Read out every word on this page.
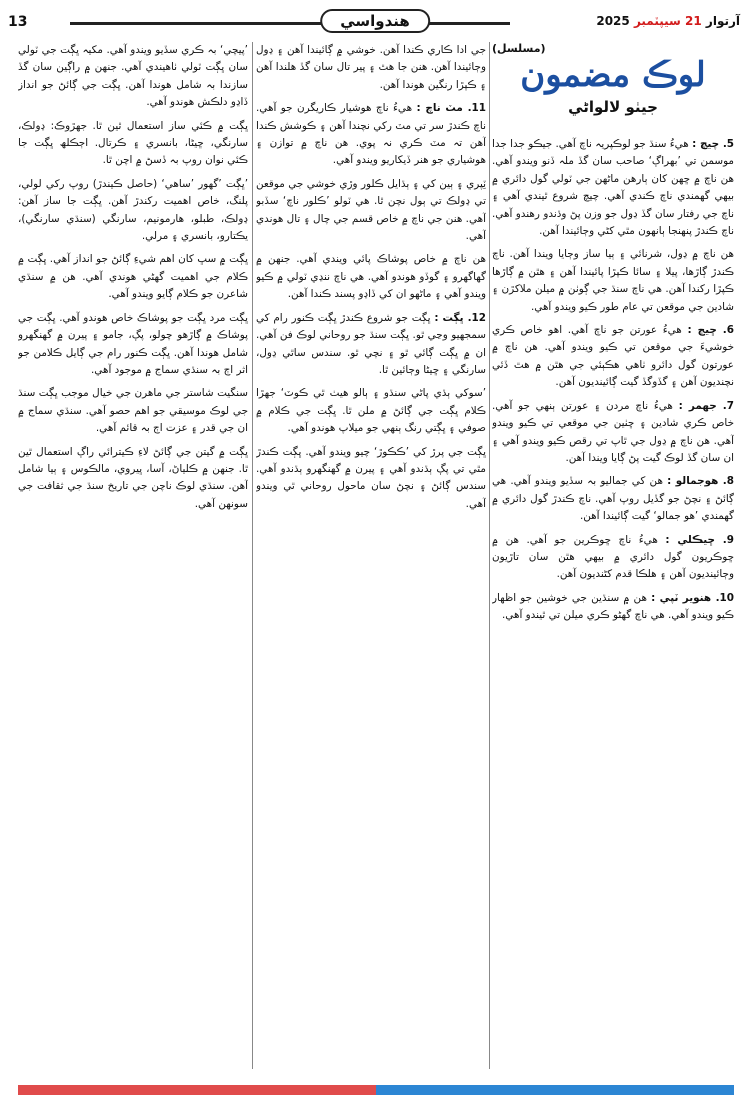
13	هندواسي	آرتوار 21 سيپٽمبر 2025
(مسلسل)
لوڪ مضمون
جيٺو لالواڻي

5. چيچ : ھيءُ سنڌ جو لوڪپريہ ناچ آھي. جيڪو جدا جدا موسمن تي ’بھراڳ‘ صاحب سان گڏ ملہ ڏنو ويندو آھي. ھن ناچ ۾ ڇھن کان ٻارھن ماڻھن جي ٽولي گول دائري ۾ بيھي گھمندي ناچ ڪندي آھي. چيچ شروع ٿيندي آھي ۽ ناچ جي رفتار سان گڏ ڍول جو وزن پڻ وڌندو رھندو آھي. ناچ ڪندڙ پنھنجا ٻانھون مٿي کڻي وڄائيندا آھن.

ھن ناچ ۾ ڍول، شرنائي ۽ ٻيا ساز وڄايا ويندا آھن. ناچ ڪندڙ ڳاڙھا، پيلا ۽ سائا ڪپڙا پائيندا آھن ۽ ھٿن ۾ ڳاڙھا ڪپڙا رکندا آھن. ھي ناچ سنڌ جي ڳوٺن ۾ ميلن ملاکڙن ۽ شادين جي موقعن تي عام طور ڪيو ويندو آھي.

6. ڇيڄ : ھيءُ عورتن جو ناچ آھي. اھو خاص ڪري خوشيءَ جي موقعن تي ڪيو ويندو آھي. ھن ناچ ۾ عورتون گول دائرو ٺاھي ھڪٻئي جي ھٿن ۾ ھٿ ڏئي نچنديون آھن ۽ گڏوگڏ گيت ڳائينديون آھن.

7. جھمر : ھيءُ ناچ مردن ۽ عورتن ٻنھي جو آھي. خاص ڪري شادين ۽ ڇٺين جي موقعي تي ڪيو ويندو آھي. ھن ناچ ۾ ڍول جي ٿاپ تي رقص ڪيو ويندو آھي ۽ ان سان گڏ لوڪ گيت پڻ ڳايا ويندا آھن.

8. ھوجمالو : ھن کي جماليو بہ سڏيو ويندو آھي. ھي ڳائڻ ۽ نچڻ جو گڏيل روپ آھي. ناچ ڪندڙ گول دائري ۾ گھمندي ’ھو جمالو‘ گيت ڳائيندا آھن.

9. ڇيڪلي : ھيءُ ناچ ڇوڪرين جو آھي. ھن ۾ ڇوڪريون گول دائري ۾ بيھي ھٿن سان تاڙيون وڄائينديون آھن ۽ ھلڪا قدم کڻنديون آھن.

10. ھنوير ٽپي : ھن ۾ سنڌين جي خوشين جو اظھار ڪيو ويندو آھي. ھي ناچ گھڻو ڪري ميلن تي ٿيندو آھي.

جي ادا ڪاري ڪندا آھن. خوشي ۾ ڳائيندا آھن ۽ ڍول وڄائيندا آھن. ھنن جا ھٿ ۽ پير تال سان گڏ ھلندا آھن ۽ ڪپڙا رنگين ھوندا آھن.

11. مٽ ناچ : ھيءُ ناچ ھوشيار ڪاريگرن جو آھي. ناچ ڪندڙ سر تي مٽ رکي نچندا آھن ۽ ڪوشش ڪندا آھن تہ مٽ ڪري نہ پوي. ھن ناچ ۾ توازن ۽ ھوشياري جو ھنر ڏيکاريو ويندو آھي.

ٽِپري ۽ ٻين کي ۽ ٻڌايل ڪلور وڙي خوشي جي موقعن تي ڍولڪ تي ٻول نچن ٿا. ھي ٽولو ’ڪلور ناچ‘ سڏبو آھي. ھنن جي ناچ ۾ خاص قسم جي چال ۽ تال ھوندي آھي.

ھن ناچ ۾ خاص پوشاڪ پائي ويندي آھي. جنھن ۾ گھاگھرو ۽ گوڏو ھوندو آھي. ھي ناچ ننڍي ٽولي ۾ ڪيو ويندو آھي ۽ ماڻھو ان کي ڏاڍو پسند ڪندا آھن.

12. ڀڳت : ڀڳت جو شروع ڪندڙ ڀڳت ڪنور رام کي سمجھيو وڃي ٿو. ڀڳت سنڌ جو روحاني لوڪ فن آھي. ان ۾ ڀڳت ڳائي ٿو ۽ نچي ٿو. سندس ساٿي ڍول، سارنگي ۽ ڇيڻا وڄائين ٿا.

’سوکي ٻڌي پاڻي سنڌو ۽ ٻالو ھيٺ ٿي ڪوٽ‘ جھڙا ڪلام ڀڳت جي ڳائڻ ۾ ملن ٿا. ڀڳت جي ڪلام ۾ صوفي ۽ ڀڳتي رنگ ٻنھي جو ميلاپ ھوندو آھي.

ڀڳت جي پرڙ کي ’ڪڪوڙ‘ چيو ويندو آھي. ڀڳت ڪندڙ مٿي تي پڳ ٻڌندو آھي ۽ پيرن ۾ گھنگھرو ٻڌندو آھي. سندس ڳائڻ ۽ نچڻ سان ماحول روحاني ٿي ويندو آھي.

’پيچي‘ بہ ڪري سڏيو ويندو آھي. مکيہ ڀڳت جي ٽولي سان ڀڳت ٽولي ٺاھيندي آھي. جنھن ۾ راڳين سان گڏ سازندا بہ شامل ھوندا آھن. ڀڳت جي ڳائڻ جو انداز ڏاڍو دلڪش ھوندو آھي.

ڀڳت ۾ ڪئي ساز استعمال ٿين ٿا. جھڙوڪ: ڍولڪ، سارنگي، ڇيڻا، بانسري ۽ ڪرتال. اڄڪلھ ڀڳت جا ڪئي نوان روپ بہ ڏسڻ ۾ اچن ٿا.

’ڀڳت ’گھور ’ساھي‘ (حاصل ڪيندڙ) روپ رکي لولي، پلنگ، خاص اھميت رکندڙ آھن. ڀڳت جا ساز آھن: ڍولڪ، طبلو، ھارمونيم، سارنگي (سنڌي سارنگي)، يڪتارو، بانسري ۽ مرلي.

ڀڳت ۾ سڀ کان اھم شيءِ ڳائڻ جو انداز آھي. ڀڳت ۾ ڪلام جي اھميت گھڻي ھوندي آھي. ھن ۾ سنڌي شاعرن جو ڪلام ڳايو ويندو آھي.

ڀڳت مرد ڀڳت جو پوشاڪ خاص ھوندو آھي. ڀڳت جي پوشاڪ ۾ ڳاڙھو چولو، پڳ، جامو ۽ پيرن ۾ گھنگھرو شامل ھوندا آھن. ڀڳت ڪنور رام جي ڳايل ڪلامن جو اثر اڄ بہ سنڌي سماج ۾ موجود آھي.

سنگيت شاستر جي ماھرن جي خيال موجب ڀڳت سنڌ جي لوڪ موسيقي جو اھم حصو آھي. سنڌي سماج ۾ ان جي قدر ۽ عزت اڄ بہ قائم آھي.

ڀڳت ۾ گيتن جي ڳائڻ لاءِ ڪيترائي راڳ استعمال ٿين ٿا. جنھن ۾ ڪلياڻ، آسا، ڀيروي، مالڪوس ۽ ٻيا شامل آھن. سنڌي لوڪ ناچن جي تاريخ سنڌ جي ثقافت جي سونھن آھي.
